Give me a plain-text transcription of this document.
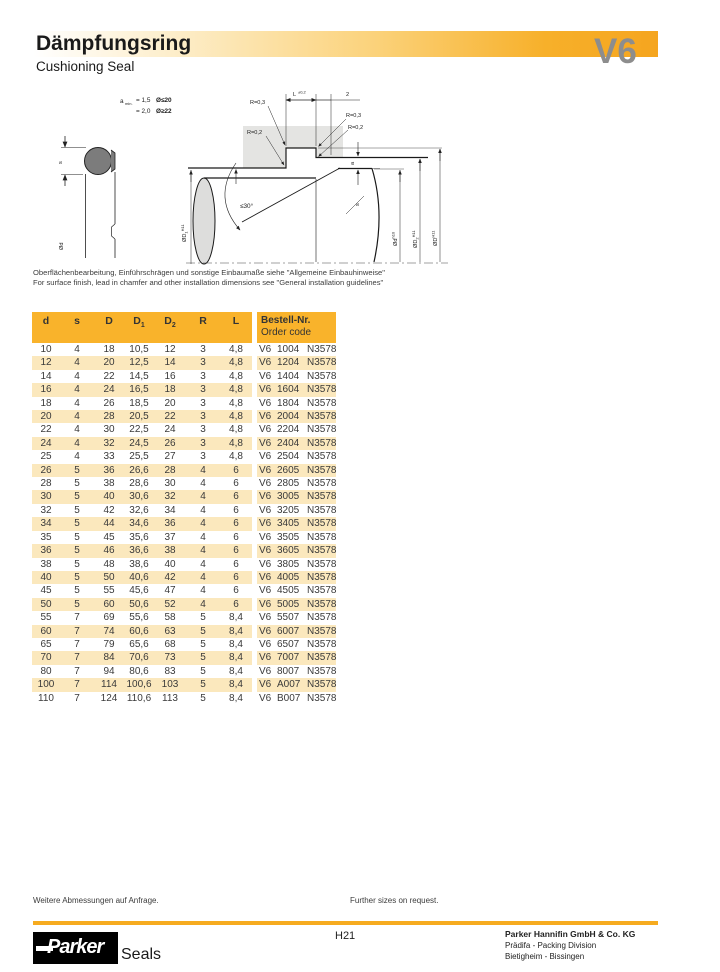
Dämpfungsring	V6
Cushioning Seal
a min. = 1,5 Ø≤20
= 2,0 Ø≥22
s
Ød
L ±0,2	2
R=0,3
R=0,2
R=0,3
R=0,2
≤30°
a
s
$ØD_1^{H11}$
$Ød^{h10}$
$ØD_2^{H11}$
$ØD^{H11}$
Oberflächenbearbeitung, Einführschrägen und sonstige Einbaumaße siehe "Allgemeine Einbauhinweise"
For surface finish, lead in chamfer and other installation dimensions see "General installation guidelines"
d	s	D	$D_1$	$D_2$	R	L		Bestell-Nr.
Order code

10	4	18	10,5	12	3	4,8		V6 1004 N3578
12	4	20	12,5	14	3	4,8		V6 1204 N3578
14	4	22	14,5	16	3	4,8		V6 1404 N3578
16	4	24	16,5	18	3	4,8		V6 1604 N3578
18	4	26	18,5	20	3	4,8		V6 1804 N3578
20	4	28	20,5	22	3	4,8		V6 2004 N3578
22	4	30	22,5	24	3	4,8		V6 2204 N3578
24	4	32	24,5	26	3	4,8		V6 2404 N3578
25	4	33	25,5	27	3	4,8		V6 2504 N3578
26	5	36	26,6	28	4	6		V6 2605 N3578
28	5	38	28,6	30	4	6		V6 2805 N3578
30	5	40	30,6	32	4	6		V6 3005 N3578
32	5	42	32,6	34	4	6		V6 3205 N3578
34	5	44	34,6	36	4	6		V6 3405 N3578
35	5	45	35,6	37	4	6		V6 3505 N3578
36	5	46	36,6	38	4	6		V6 3605 N3578
38	5	48	38,6	40	4	6		V6 3805 N3578
40	5	50	40,6	42	4	6		V6 4005 N3578
45	5	55	45,6	47	4	6		V6 4505 N3578
50	5	60	50,6	52	4	6		V6 5005 N3578
55	7	69	55,6	58	5	8,4		V6 5507 N3578
60	7	74	60,6	63	5	8,4		V6 6007 N3578
65	7	79	65,6	68	5	8,4		V6 6507 N3578
70	7	84	70,6	73	5	8,4		V6 7007 N3578
80	7	94	80,6	83	5	8,4		V6 8007 N3578
100	7	114	100,6	103	5	8,4		V6 A007 N3578
110	7	124	110,6	113	5	8,4		V6 B007 N3578
Weitere Abmessungen auf Anfrage.	Further sizes on request.
Parker Seals
H21	Parker Hannifin GmbH & Co. KG
Prädifa - Packing Division
Bietigheim - Bissingen
